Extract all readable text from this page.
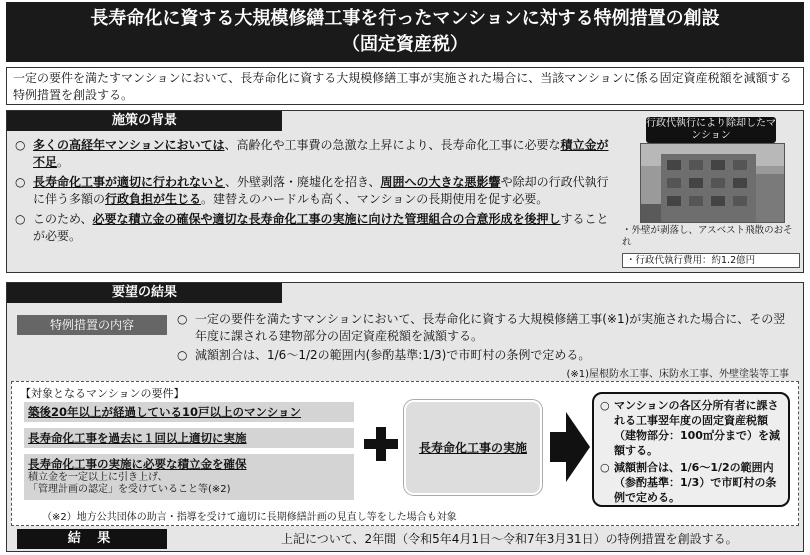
長寿命化に資する大規模修繕工事を行ったマンションに対する特例措置の創設
（固定資産税）
一定の要件を満たすマンションにおいて、長寿命化に資する大規模修繕工事が実施された場合に、当該マンションに係る固定資産税額を減額する特例措置を創設する。
施策の背景
○ 多くの高経年マンションにおいては、高齢化や工事費の急激な上昇により、長寿命化工事に必要な積立金が不足。
○ 長寿命化工事が適切に行われないと、外壁剥落・廃墟化を招き、周囲への大きな悪影響や除却の行政代執行に伴う多額の行政負担が生じる。建替えのハードルも高く、マンションの長期使用を促す必要。
○ このため、必要な積立金の確保や適切な長寿命化工事の実施に向けた管理組合の合意形成を後押しすることが必要。
行政代執行により除却したマンション
・外壁が剥落し、アスベスト飛散のおそれ
・行政代執行費用：約1.2億円
要望の結果
特例措置の内容	○ 一定の要件を満たすマンションにおいて、長寿命化に資する大規模修繕工事(※1)が実施された場合に、その翌年度に課される建物部分の固定資産税額を減額する。
○ 減額割合は、1/6～1/2の範囲内(参酌基準:1/3)で市町村の条例で定める。
(※1)屋根防水工事、床防水工事、外壁塗装等工事
【対象となるマンションの要件】
築後20年以上が経過している10戸以上のマンション
長寿命化工事を過去に１回以上適切に実施
長寿命化工事の実施に必要な積立金を確保
積立金を一定以上に引き上げ、
「管理計画の認定」を受けていること等(※2)
（※2）地方公共団体の助言・指導を受けて適切に長期修繕計画の見直し等をした場合も対象
長寿命化工事の実施
○ マンションの各区分所有者に課される工事翌年度の固定資産税額（建物部分：100㎡分まで）を減額する。
○ 減額割合は、1/6～1/2の範囲内（参酌基準：1/3）で市町村の条例で定める。
結 果	上記について、2年間（令和5年4月1日～令和7年3月31日）の特例措置を創設する。
